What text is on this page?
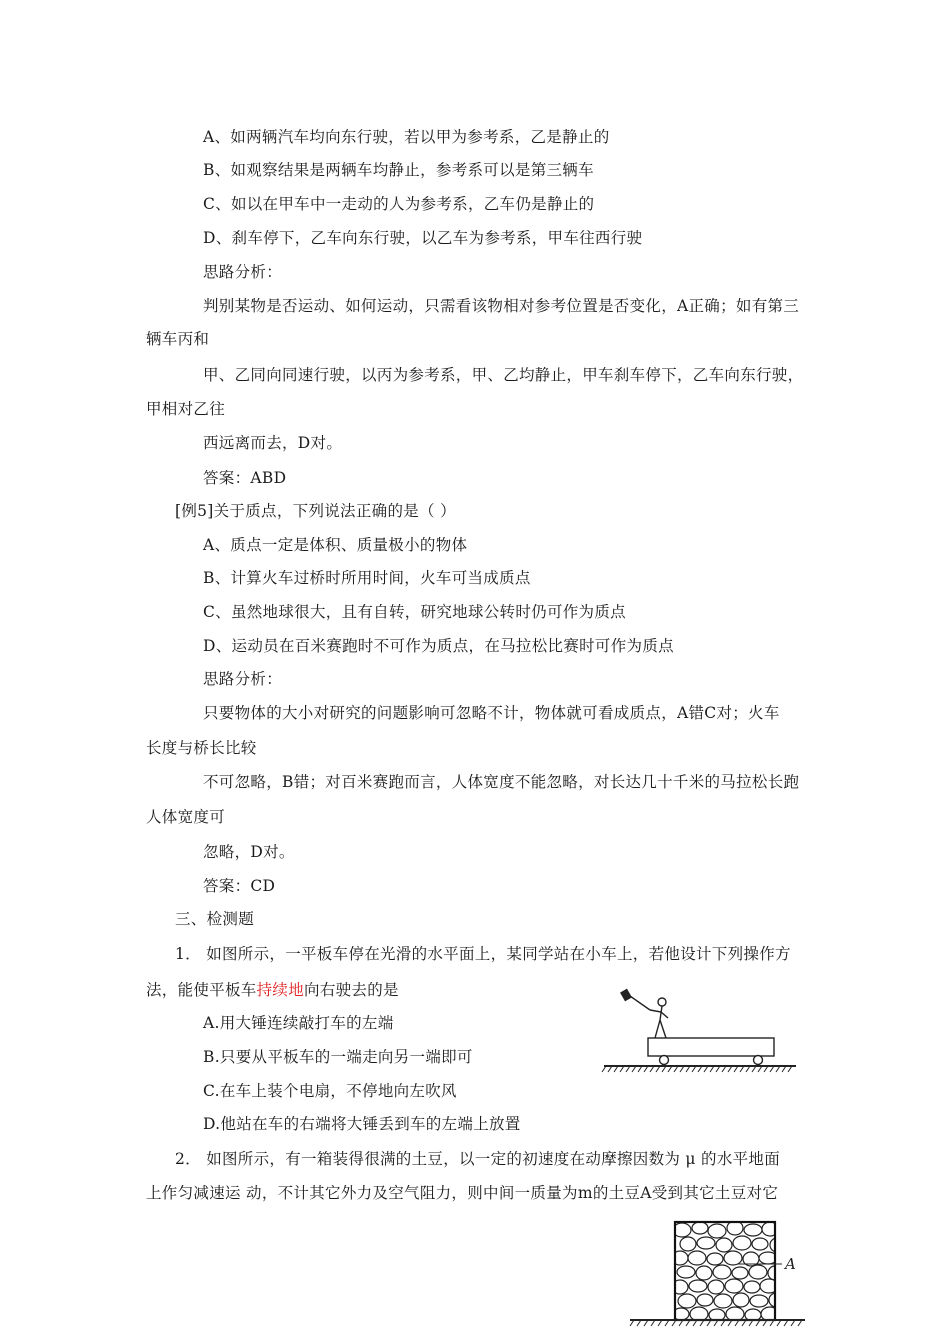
A、如两辆汽车均向东行驶，若以甲为参考系，乙是静止的
B、如观察结果是两辆车均静止，参考系可以是第三辆车
C、如以在甲车中一走动的人为参考系，乙车仍是静止的
D、刹车停下，乙车向东行驶，以乙车为参考系，甲车往西行驶
思路分析：
判别某物是否运动、如何运动，只需看该物相对参考位置是否变化，A正确；如有第三
辆车丙和
甲、乙同向同速行驶，以丙为参考系，甲、乙均静止，甲车刹车停下，乙车向东行驶，
甲相对乙往
西远离而去，D对。
答案：ABD
[例5]关于质点，下列说法正确的是（ ）
A、质点一定是体积、质量极小的物体
B、计算火车过桥时所用时间，火车可当成质点
C、虽然地球很大，且有自转，研究地球公转时仍可作为质点
D、运动员在百米赛跑时不可作为质点，在马拉松比赛时可作为质点
思路分析：
只要物体的大小对研究的问题影响可忽略不计，物体就可看成质点，A错C对；火车
长度与桥长比较
不可忽略，B错；对百米赛跑而言，人体宽度不能忽略，对长达几十千米的马拉松长跑
人体宽度可
忽略，D对。
答案：CD
三、检测题
1． 如图所示，一平板车停在光滑的水平面上，某同学站在小车上，若他设计下列操作方
法，能使平板车持续地向右驶去的是
A.用大锤连续敲打车的左端
B.只要从平板车的一端走向另一端即可
C.在车上装个电扇，不停地向左吹风
D.他站在车的右端将大锤丢到车的左端上放置
2． 如图所示，有一箱装得很满的土豆，以一定的初速度在动摩擦因数为 μ 的水平地面
上作匀减速运 动，不计其它外力及空气阻力，则中间一质量为m的土豆A受到其它土豆对它
A
